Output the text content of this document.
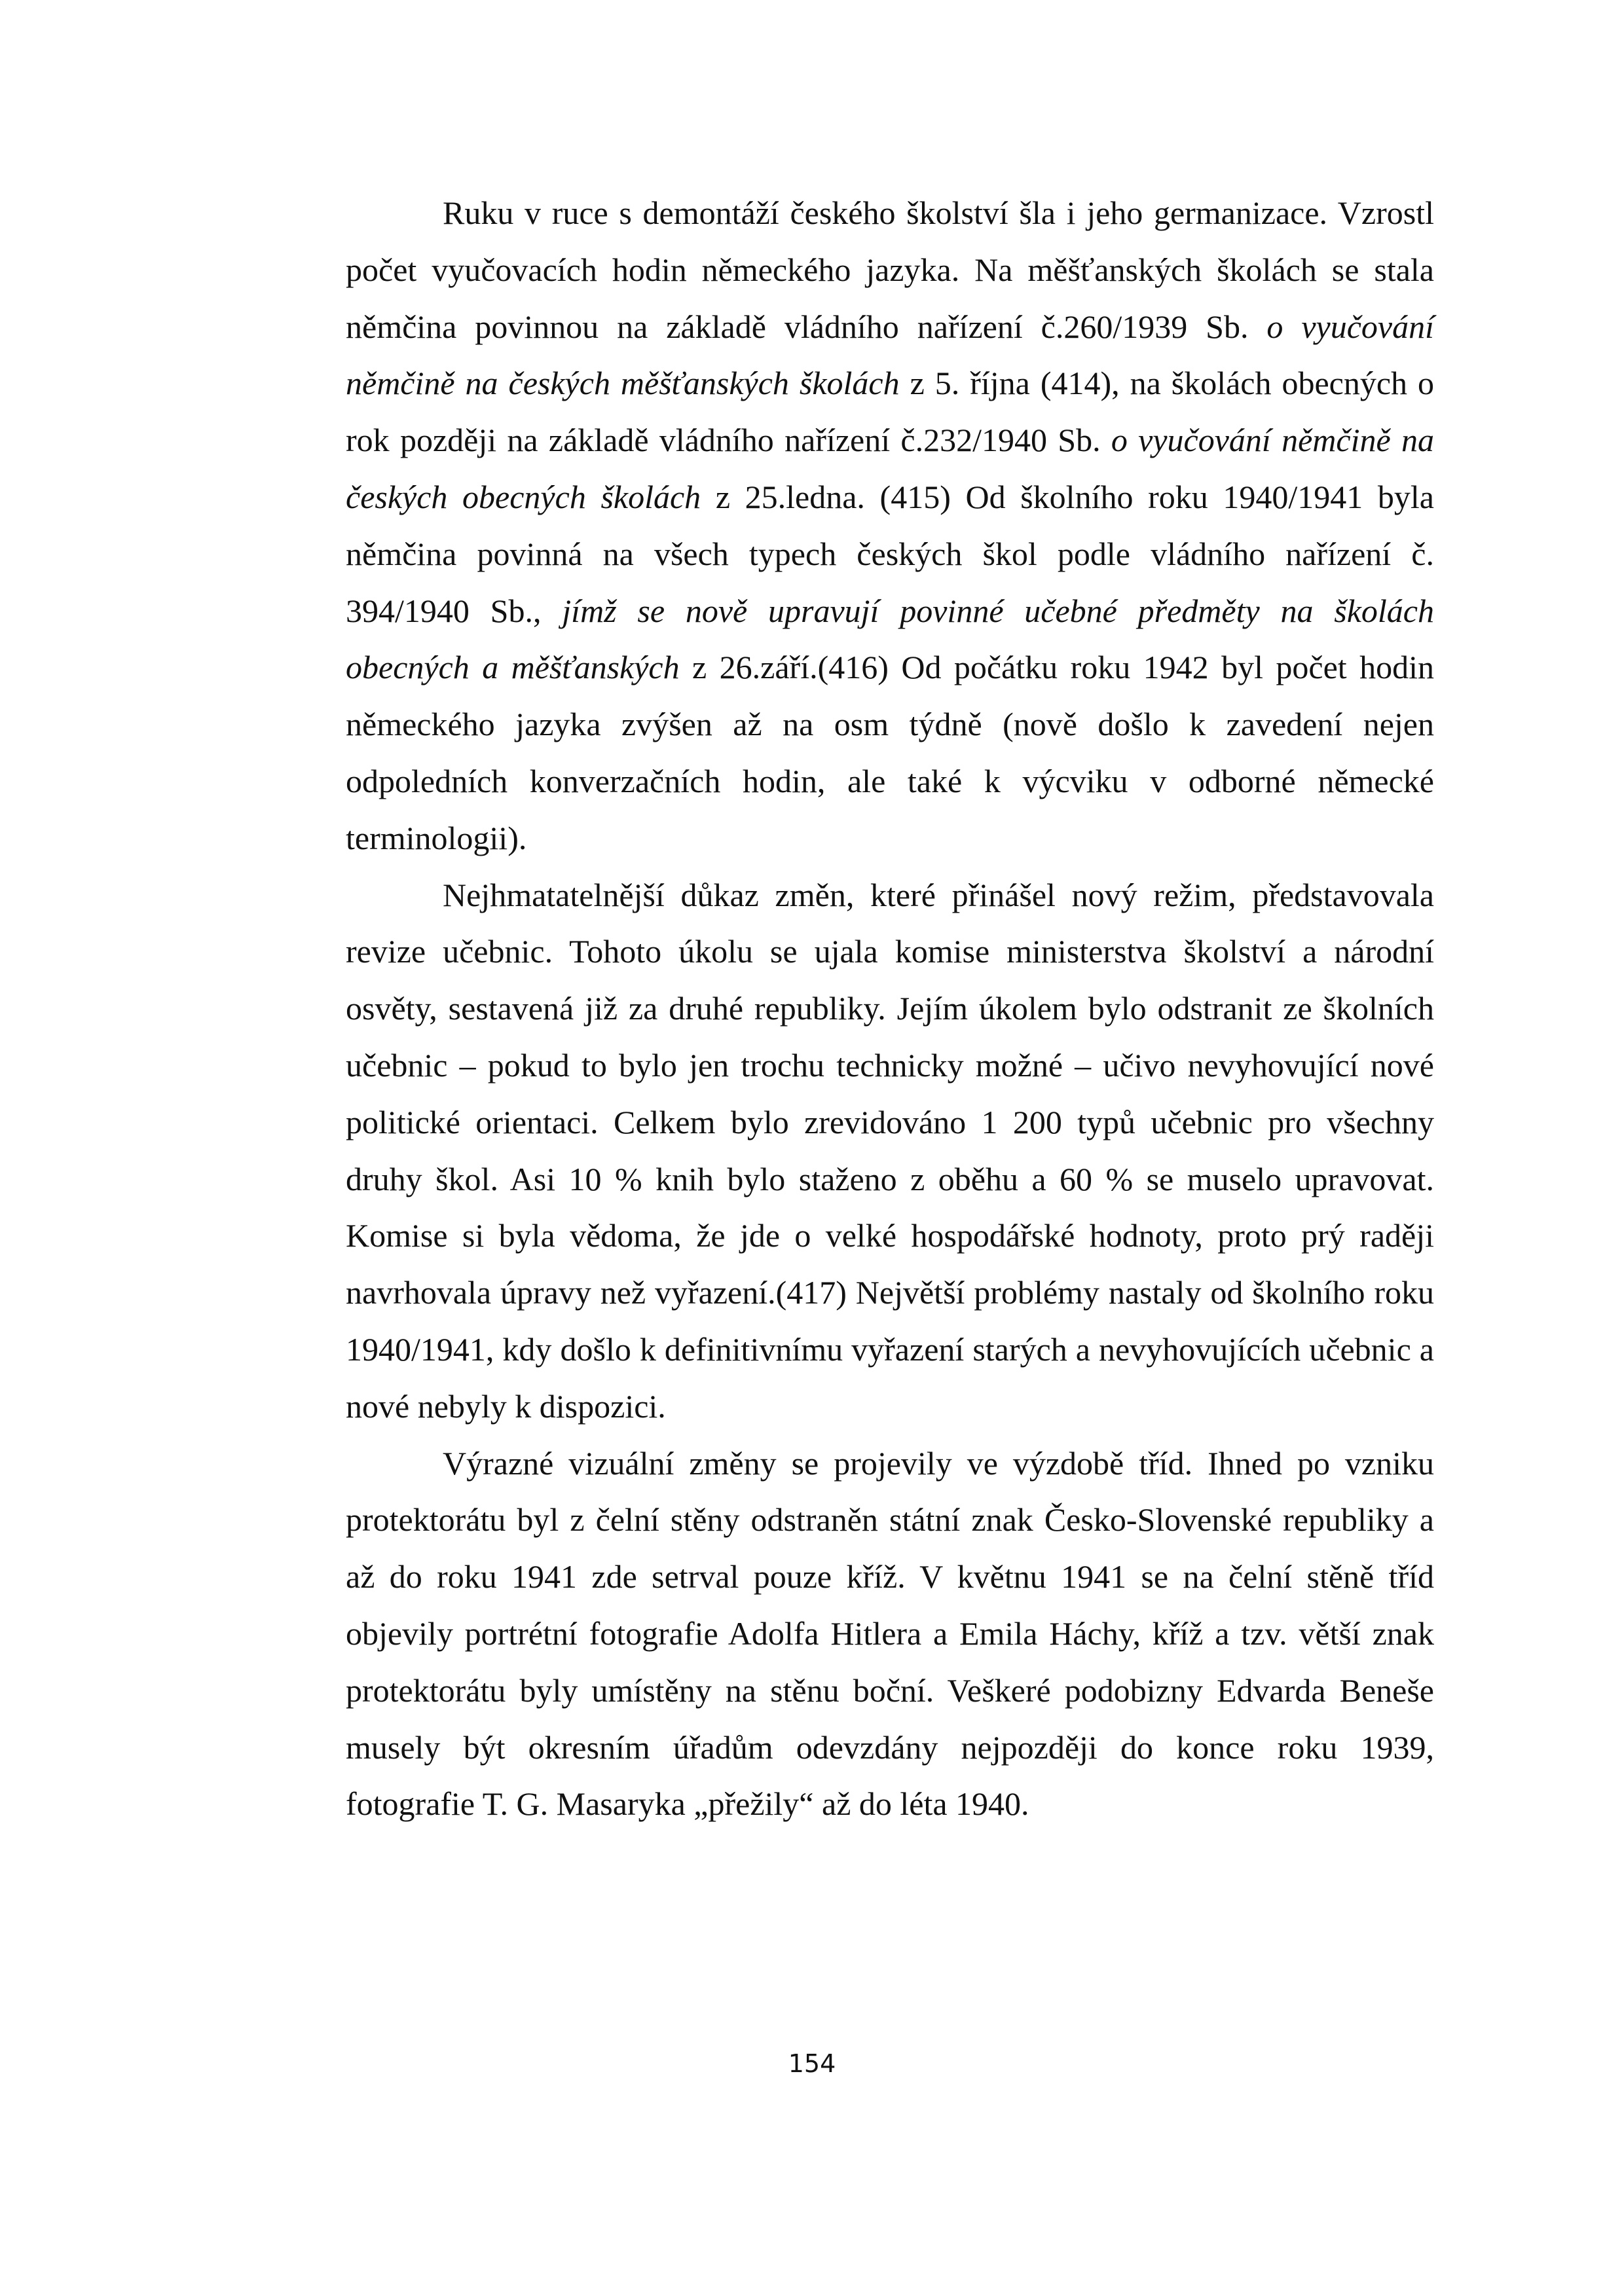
Ruku v ruce s demontáží českého školství šla i jeho germanizace. Vzrostl počet vyučovacích hodin německého jazyka. Na měšťanských školách se stala němčina povinnou na základě vládního nařízení č.260/1939 Sb. o vyučování němčině na českých měšťanských školách z 5. října (414), na školách obecných o rok později na základě vládního nařízení č.232/1940 Sb. o vyučování němčině na českých obecných školách z 25.ledna. (415) Od školního roku 1940/1941 byla němčina povinná na všech typech českých škol podle vládního nařízení č. 394/1940 Sb., jímž se nově upravují povinné učebné předměty na školách obecných a měšťanských z 26.září.(416) Od počátku roku 1942 byl počet hodin německého jazyka zvýšen až na osm týdně (nově došlo k zavedení nejen odpoledních konverzačních hodin, ale také k výcviku v odborné německé terminologii).

Nejhmatatelnější důkaz změn, které přinášel nový režim, představovala revize učebnic. Tohoto úkolu se ujala komise ministerstva školství a národní osvěty, sestavená již za druhé republiky. Jejím úkolem bylo odstranit ze školních učebnic – pokud to bylo jen trochu technicky možné – učivo nevyhovující nové politické orientaci. Celkem bylo zrevidováno 1 200 typů učebnic pro všechny druhy škol. Asi 10 % knih bylo staženo z oběhu a 60 % se muselo upravovat. Komise si byla vědoma, že jde o velké hospodářské hodnoty, proto prý raději navrhovala úpravy než vyřazení.(417) Největší problémy nastaly od školního roku 1940/1941, kdy došlo k definitivnímu vyřazení starých a nevyhovujících učebnic a nové nebyly k dispozici.

Výrazné vizuální změny se projevily ve výzdobě tříd. Ihned po vzniku protektorátu byl z čelní stěny odstraněn státní znak Česko-Slovenské republiky a až do roku 1941 zde setrval pouze kříž. V květnu 1941 se na čelní stěně tříd objevily portrétní fotografie Adolfa Hitlera a Emila Háchy, kříž a tzv. větší znak protektorátu byly umístěny na stěnu boční. Veškeré podobizny Edvarda Beneše musely být okresním úřadům odevzdány nejpozději do konce roku 1939, fotografie T. G. Masaryka „přežily“ až do léta 1940.

154
